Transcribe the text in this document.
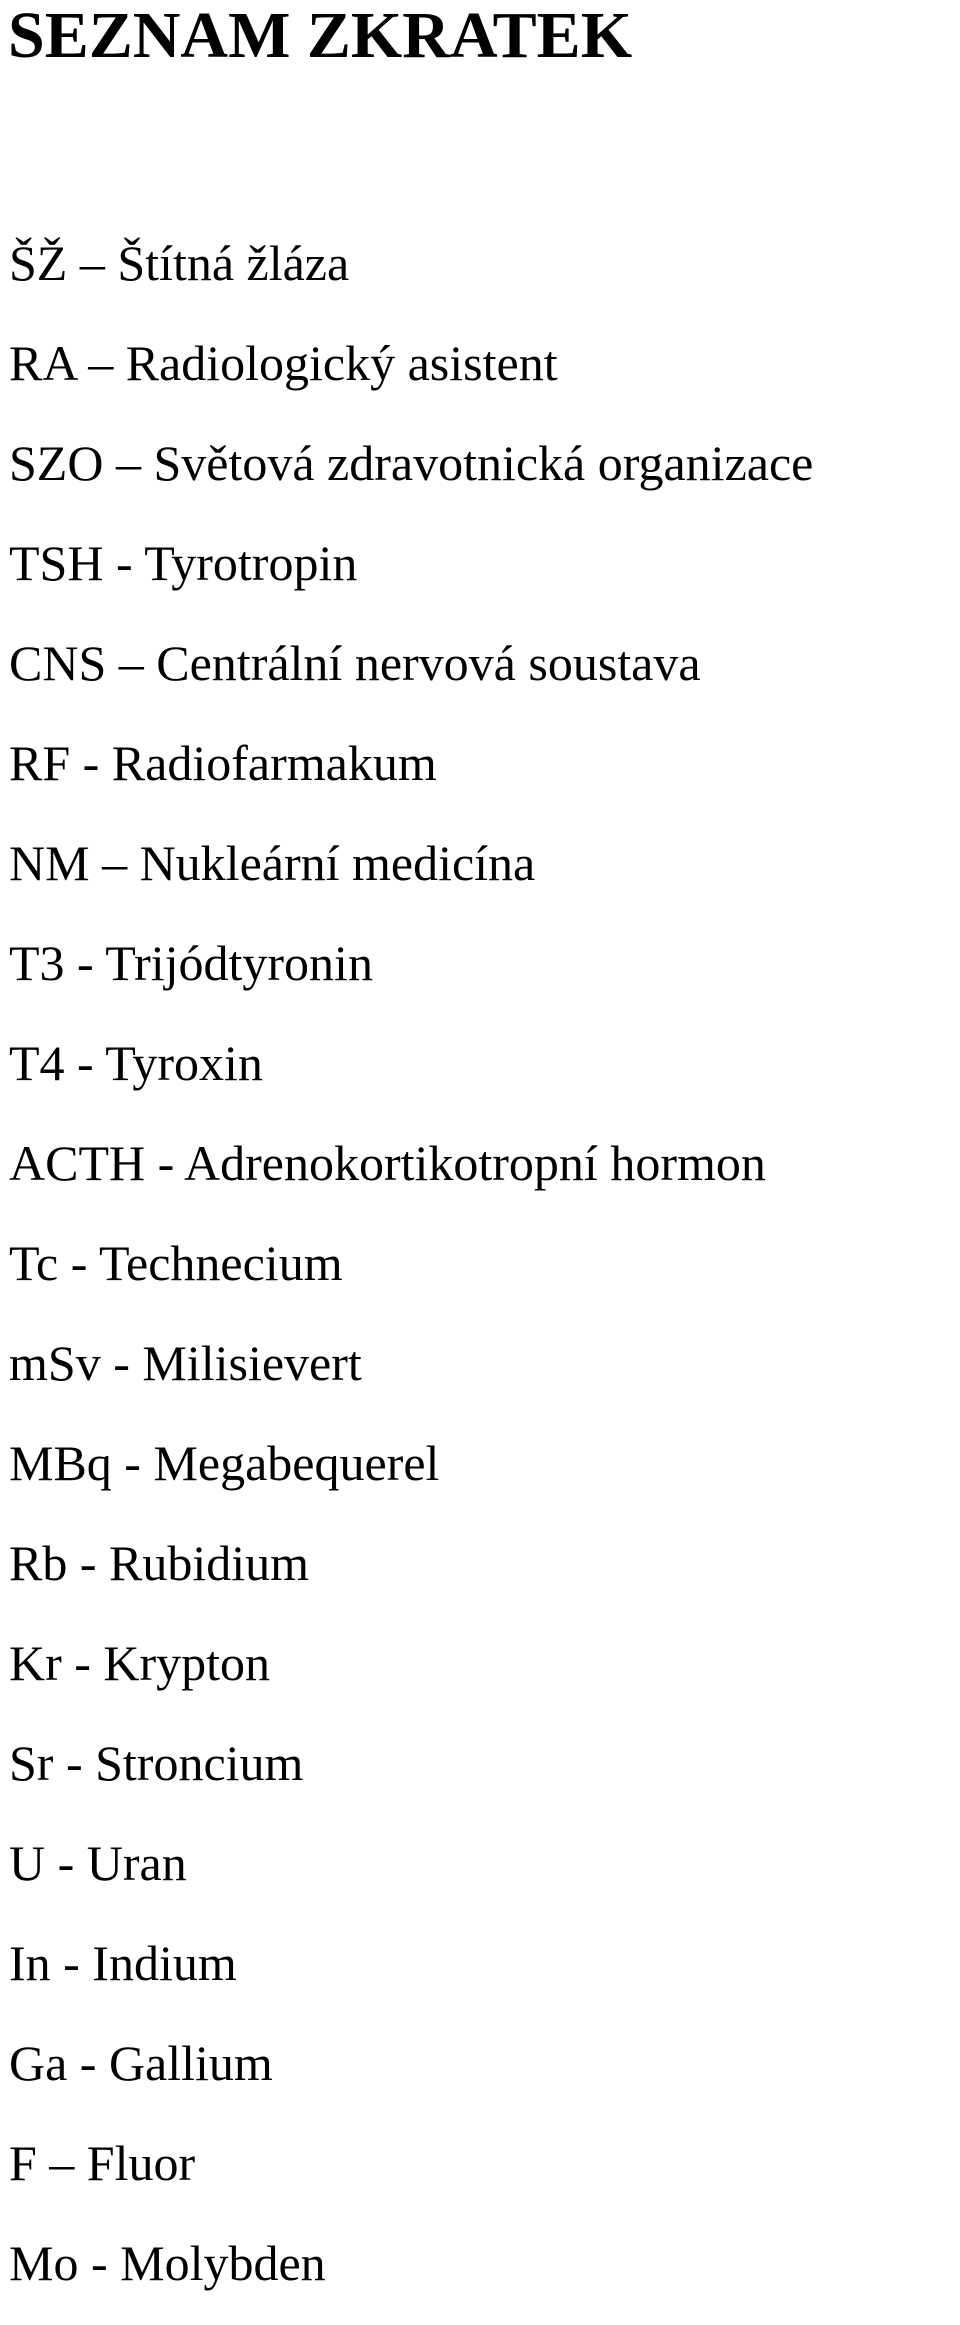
SEZNAM ZKRATEK

ŠŽ – Štítná žláza

RA – Radiologický asistent

SZO – Světová zdravotnická organizace

TSH - Tyrotropin

CNS – Centrální nervová soustava

RF - Radiofarmakum

NM – Nukleární medicína

T3 - Trijódtyronin

T4 - Tyroxin

ACTH - Adrenokortikotropní hormon

Tc - Technecium

mSv - Milisievert

MBq - Megabequerel

Rb - Rubidium

Kr - Krypton

Sr - Stroncium

U - Uran

In - Indium

Ga - Gallium

F – Fluor

Mo - Molybden
